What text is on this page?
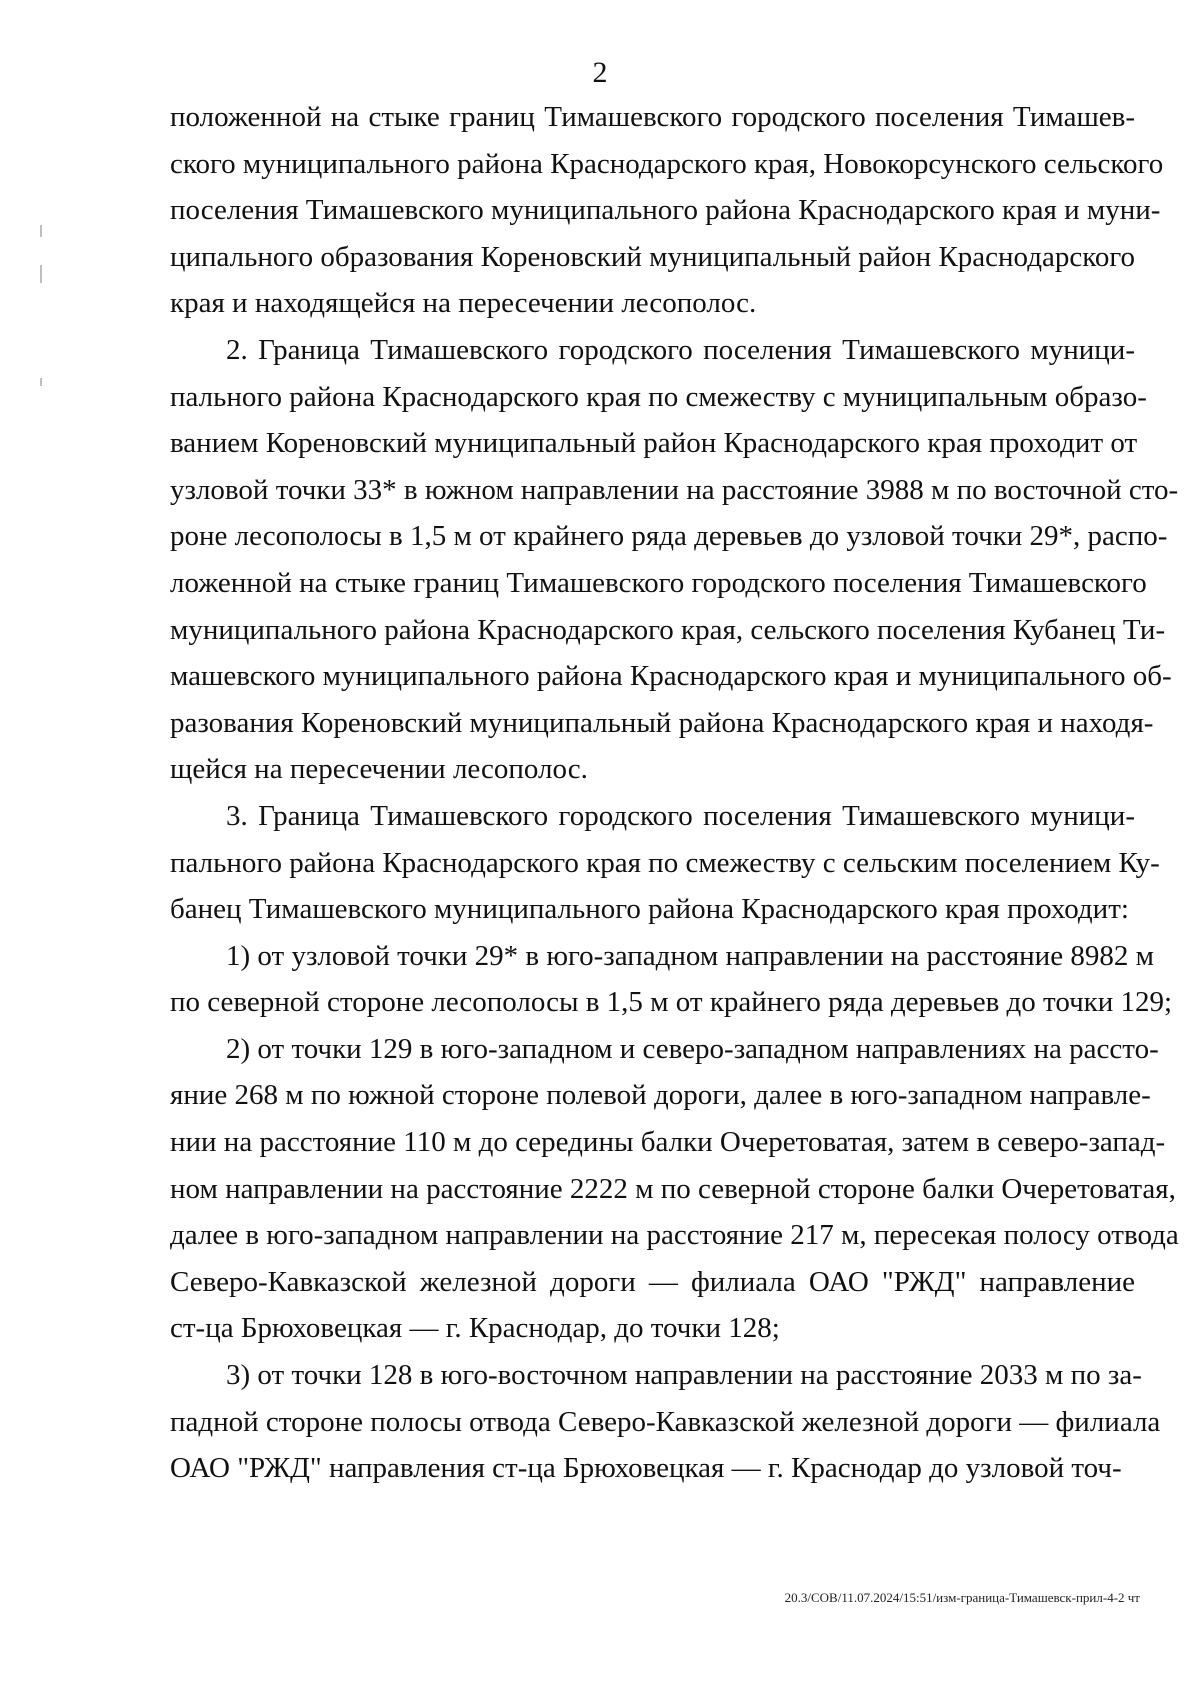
2
положенной на стыке границ Тимашевского городского поселения Тимашев-
ского муниципального района Краснодарского края, Новокорсунского сельского
поселения Тимашевского муниципального района Краснодарского края и муни-
ципального образования Кореновский муниципальный район Краснодарского
края и находящейся на пересечении лесополос.
2. Граница Тимашевского городского поселения Тимашевского муници-
пального района Краснодарского края по смежеству с муниципальным образо-
ванием Кореновский муниципальный район Краснодарского края проходит от
узловой точки 33* в южном направлении на расстояние 3988 м по восточной сто-
роне лесополосы в 1,5 м от крайнего ряда деревьев до узловой точки 29*, распо-
ложенной на стыке границ Тимашевского городского поселения Тимашевского
муниципального района Краснодарского края, сельского поселения Кубанец Ти-
машевского муниципального района Краснодарского края и муниципального об-
разования Кореновский муниципальный района Краснодарского края и находя-
щейся на пересечении лесополос.
3. Граница Тимашевского городского поселения Тимашевского муници-
пального района Краснодарского края по смежеству с сельским поселением Ку-
банец Тимашевского муниципального района Краснодарского края проходит:
1) от узловой точки 29* в юго-западном направлении на расстояние 8982 м
по северной стороне лесополосы в 1,5 м от крайнего ряда деревьев до точки 129;
2) от точки 129 в юго-западном и северо-западном направлениях на рассто-
яние 268 м по южной стороне полевой дороги, далее в юго-западном направле-
нии на расстояние 110 м до середины балки Очеретоватая, затем в северо-запад-
ном направлении на расстояние 2222 м по северной стороне балки Очеретоватая,
далее в юго-западном направлении на расстояние 217 м, пересекая полосу отвода
Северо-Кавказской железной дороги — филиала ОАО "РЖД" направление
ст-ца Брюховецкая — г. Краснодар, до точки 128;
3) от точки 128 в юго-восточном направлении на расстояние 2033 м по за-
падной стороне полосы отвода Северо-Кавказской железной дороги — филиала
ОАО "РЖД" направления ст-ца Брюховецкая — г. Краснодар до узловой точ-
20.3/СОВ/11.07.2024/15:51/изм-граница-Тимашевск-прил-4-2 чт
